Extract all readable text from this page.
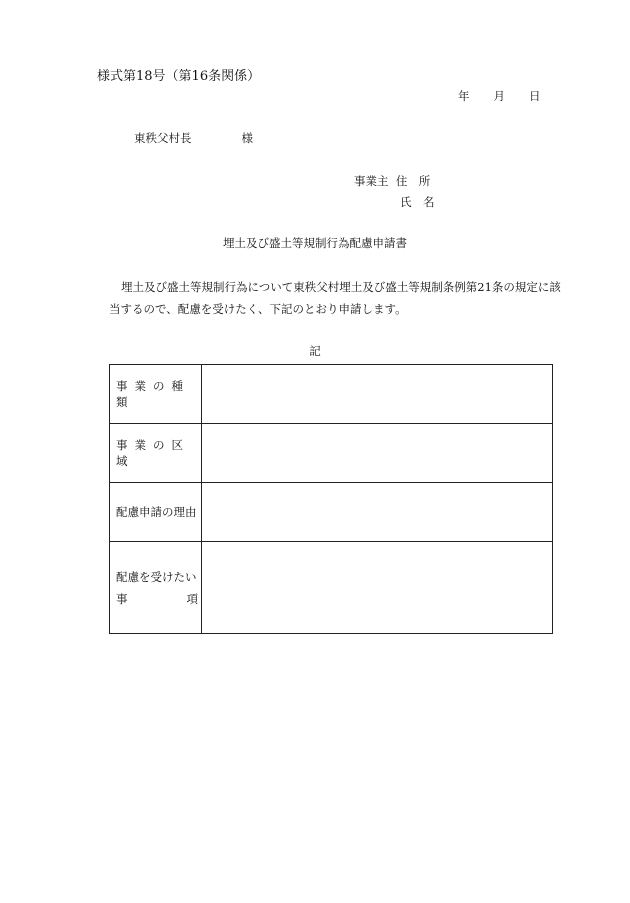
様式第18号（第16条関係）
年 月 日
東秩父村長	様
事業主 住　所
氏　名
埋土及び盛土等規制行為配慮申請書
埋土及び盛土等規制行為について東秩父村埋土及び盛土等規制条例第21条の規定に該当するので、配慮を受けたく、下記のとおり申請します。
記
事業の種類	
事業の区域	
配慮申請の理由	

配慮を受けたい
事 項	
